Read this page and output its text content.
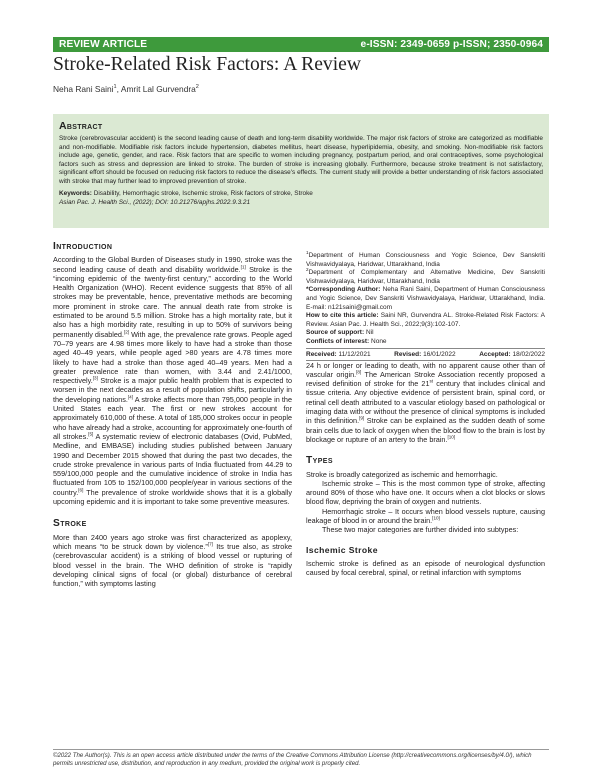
REVIEW ARTICLE	e-ISSN: 2349-0659 p-ISSN; 2350-0964
Stroke-Related Risk Factors: A Review
Neha Rani Saini$^1$, Amrit Lal Gurvendra$^2$
Abstract

Stroke (cerebrovascular accident) is the second leading cause of death and long-term disability worldwide. The major risk factors of stroke are categorized as modifiable and non-modifiable. Modifiable risk factors include hypertension, diabetes mellitus, heart disease, hyperlipidemia, obesity, and smoking. Non-modifiable risk factors include age, genetic, gender, and race. Risk factors that are specific to women including pregnancy, postpartum period, and oral contraceptives, some psychological factors such as stress and depression are linked to stroke. The burden of stroke is increasing globally. Furthermore, because stroke treatment is not satisfactory, significant effort should be focused on reducing risk factors to reduce the disease's effects. The current study will provide a better understanding of risk factors associated with stroke that may further lead to improved prevention of stroke.

Keywords: Disability, Hemorrhagic stroke, Ischemic stroke, Risk factors of stroke, Stroke

Asian Pac. J. Health Sci., (2022); DOI: 10.21276/apjhs.2022.9.3.21

Introduction

According to the Global Burden of Diseases study in 1990, stroke was the second leading cause of death and disability worldwide.[1] Stroke is the “incoming epidemic of the twenty-first century,” according to the World Health Organization (WHO). Recent evidence suggests that 85% of all strokes may be preventable, hence, preventative methods are becoming more prominent in stroke care. The annual death rate from stroke is estimated to be around 5.5 million. Stroke has a high mortality rate, but it also has a high morbidity rate, resulting in up to 50% of survivors being permanently disabled.[2] With age, the prevalence rate grows. People aged 70–79 years are 4.98 times more likely to have had a stroke than those aged 40–49 years, while people aged >80 years are 4.78 times more likely to have had a stroke than those aged 40–49 years. Men had a greater prevalence rate than women, with 3.44 and 2.41/1000, respectively.[3] Stroke is a major public health problem that is expected to worsen in the next decades as a result of population shifts, particularly in the developing nations.[4] A stroke affects more than 795,000 people in the United States each year. The first or new strokes account for approximately 610,000 of these. A total of 185,000 strokes occur in people who have already had a stroke, accounting for approximately one-fourth of all strokes.[5] A systematic review of electronic databases (Ovid, PubMed, Medline, and EMBASE) including studies published between January 1990 and December 2015 showed that during the past two decades, the crude stroke prevalence in various parts of India fluctuated from 44.29 to 559/100,000 people and the cumulative incidence of stroke in India has fluctuated from 105 to 152/100,000 people/year in various sections of the country.[6] The prevalence of stroke worldwide shows that it is a globally upcoming epidemic and it is important to take some preventive measures.

Stroke

More than 2400 years ago stroke was first characterized as apoplexy, which means “to be struck down by violence.”[7] Its true also, as stroke (cerebrovascular accident) is a striking of blood vessel or rupturing of blood vessel in the brain. The WHO definition of stroke is “rapidly developing clinical signs of focal (or global) disturbance of cerebral function,” with symptoms lasting

$^1$Department of Human Consciousness and Yogic Science, Dev Sanskriti Vishwavidyalaya, Haridwar, Uttarakhand, India

$^2$Department of Complementary and Alternative Medicine, Dev Sanskriti Vishwavidyalaya, Haridwar, Uttarakhand, India

*Corresponding Author: Neha Rani Saini, Department of Human Consciousness and Yogic Science, Dev Sanskriti Vishwavidyalaya, Haridwar, Uttarakhand, India. E-mail: n121saini@gmail.com

How to cite this article: Saini NR, Gurvendra AL. Stroke-Related Risk Factors: A Review. Asian Pac. J. Health Sci., 2022;9(3):102-107.

Source of support: Nil

Conflicts of interest: None

Received: 11/12/2021	Revised: 16/01/2022	Accepted: 18/02/2022

24 h or longer or leading to death, with no apparent cause other than of vascular origin.[8] The American Stroke Association recently proposed a revised definition of stroke for the 21st century that includes clinical and tissue criteria. Any objective evidence of persistent brain, spinal cord, or retinal cell death attributed to a vascular etiology based on pathological or imaging data with or without the presence of clinical symptoms is included in this definition.[9] Stroke can be explained as the sudden death of some brain cells due to lack of oxygen when the blood flow to the brain is lost by blockage or rupture of an artery to the brain.[10]

Types

Stroke is broadly categorized as ischemic and hemorrhagic.

Ischemic stroke – This is the most common type of stroke, affecting around 80% of those who have one. It occurs when a clot blocks or slows blood flow, depriving the brain of oxygen and nutrients.

Hemorrhagic stroke – It occurs when blood vessels rupture, causing leakage of blood in or around the brain.[10]

These two major categories are further divided into subtypes:

Ischemic Stroke

Ischemic stroke is defined as an episode of neurological dysfunction caused by focal cerebral, spinal, or retinal infarction with symptoms

©2022 The Author(s). This is an open access article distributed under the terms of the Creative Commons Attribution License (http://creativecommons.org/licenses/by/4.0/), which permits unrestricted use, distribution, and reproduction in any medium, provided the original work is properly cited.
